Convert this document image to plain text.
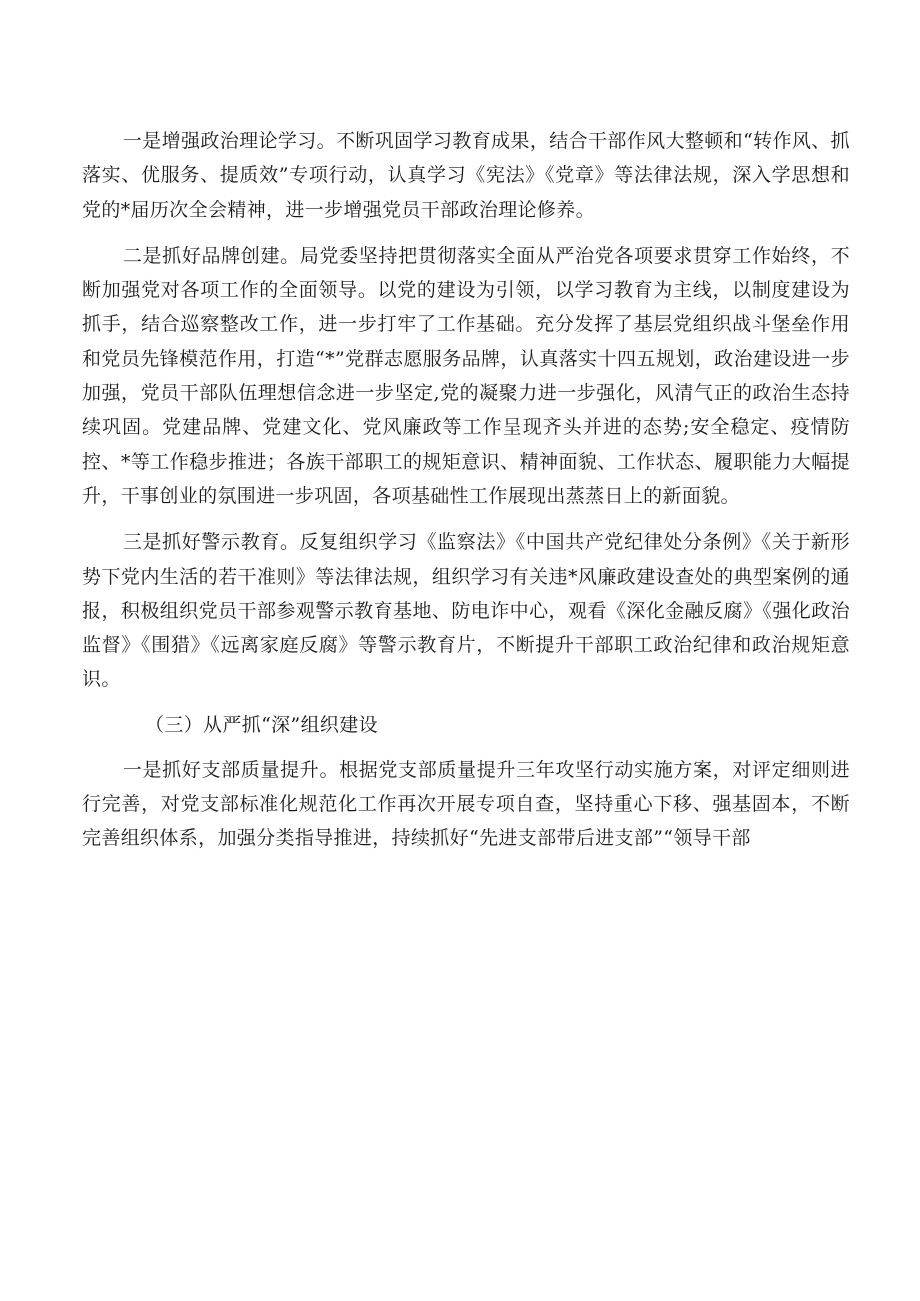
一是增强政治理论学习。不断巩固学习教育成果，结合干部作风大整顿和“转作风、抓落实、优服务、提质效”专项行动，认真学习《宪法》《党章》等法律法规，深入学思想和党的*届历次全会精神，进一步增强党员干部政治理论修养。

二是抓好品牌创建。局党委坚持把贯彻落实全面从严治党各项要求贯穿工作始终，不断加强党对各项工作的全面领导。以党的建设为引领，以学习教育为主线，以制度建设为抓手，结合巡察整改工作，进一步打牢了工作基础。充分发挥了基层党组织战斗堡垒作用和党员先锋模范作用，打造“*”党群志愿服务品牌，认真落实十四五规划，政治建设进一步加强，党员干部队伍理想信念进一步坚定,党的凝聚力进一步强化，风清气正的政治生态持续巩固。党建品牌、党建文化、党风廉政等工作呈现齐头并进的态势;安全稳定、疫情防控、*等工作稳步推进；各族干部职工的规矩意识、精神面貌、工作状态、履职能力大幅提升，干事创业的氛围进一步巩固，各项基础性工作展现出蒸蒸日上的新面貌。

三是抓好警示教育。反复组织学习《监察法》《中国共产党纪律处分条例》《关于新形势下党内生活的若干准则》等法律法规，组织学习有关违*风廉政建设查处的典型案例的通报，积极组织党员干部参观警示教育基地、防电诈中心，观看《深化金融反腐》《强化政治监督》《围猎》《远离家庭反腐》等警示教育片，不断提升干部职工政治纪律和政治规矩意识。

（三）从严抓“深”组织建设

一是抓好支部质量提升。根据党支部质量提升三年攻坚行动实施方案，对评定细则进行完善，对党支部标准化规范化工作再次开展专项自查，坚持重心下移、强基固本，不断完善组织体系，加强分类指导推进，持续抓好“先进支部带后进支部”“领导干部
